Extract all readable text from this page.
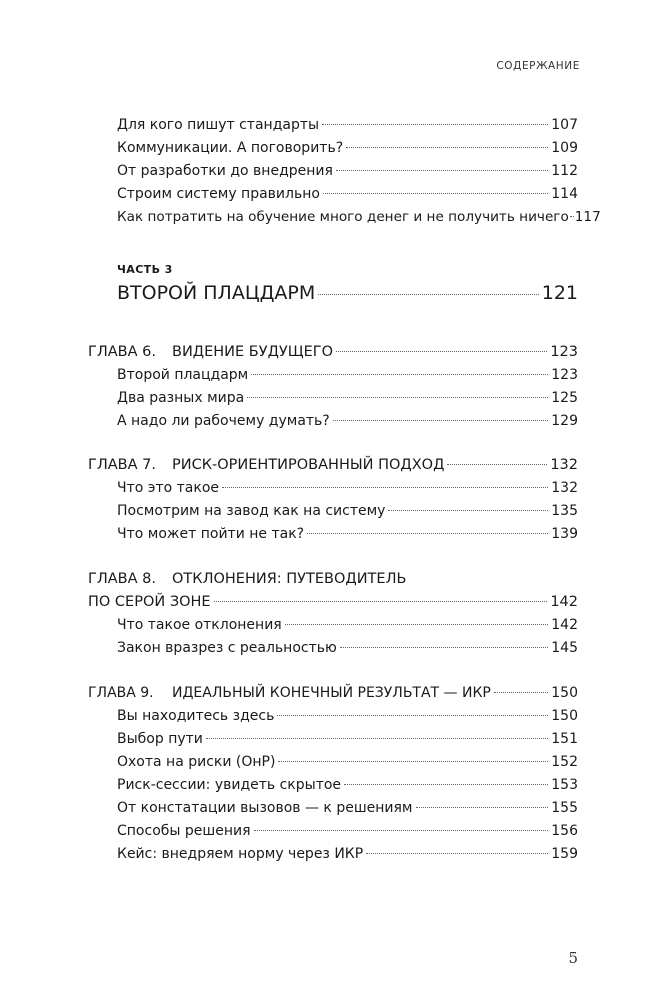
СОДЕРЖАНИЕ
Для кого пишут стандарты	107
Коммуникации. А поговорить?	109
От разработки до внедрения	112
Строим систему правильно	114
Как потратить на обучение много денег и не получить ничего 117
ЧАСТЬ 3
ВТОРОЙ ПЛАЦДАРМ	121
ГЛАВА 6. ВИДЕНИЕ БУДУЩЕГО	123
Второй плацдарм	123
Два разных мира	125
А надо ли рабочему думать?	129
ГЛАВА 7. РИСК-ОРИЕНТИРОВАННЫЙ ПОДХОД	132
Что это такое	132
Посмотрим на завод как на систему	135
Что может пойти не так?	139
ГЛАВА 8. ОТКЛОНЕНИЯ: ПУТЕВОДИТЕЛЬ
ПО СЕРОЙ ЗОНЕ	142
Что такое отклонения	142
Закон вразрез с реальностью	145
ГЛАВА 9. ИДЕАЛЬНЫЙ КОНЕЧНЫЙ РЕЗУЛЬТАТ — ИКР	150
Вы находитесь здесь	150
Выбор пути	151
Охота на риски (ОнР)	152
Риск-сессии: увидеть скрытое	153
От констатации вызовов — к решениям	155
Способы решения	156
Кейс: внедряем норму через ИКР	159
5
